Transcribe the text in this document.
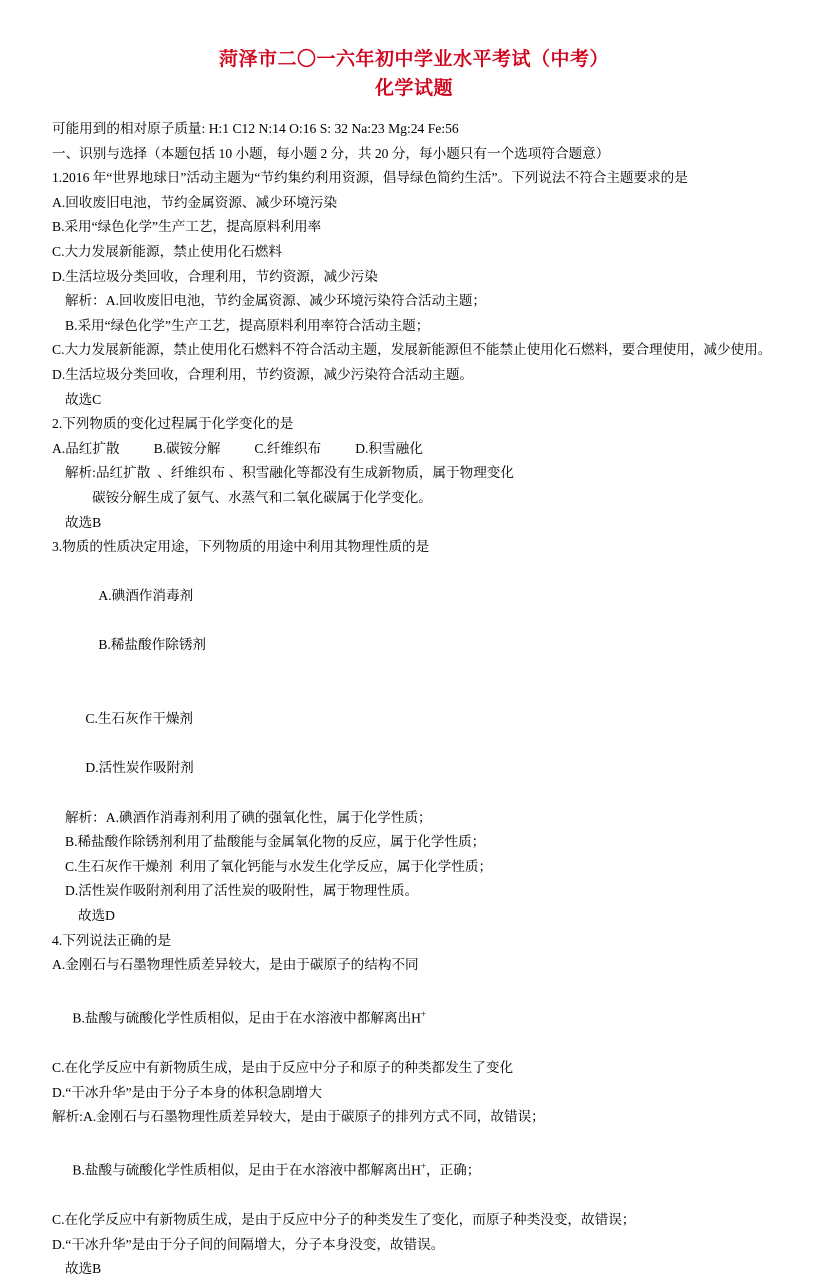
菏泽市二〇一六年初中学业水平考试（中考）
化学试题
可能用到的相对原子质量: H:1 C12 N:14 O:16 S: 32 Na:23 Mg:24 Fe:56
一、识别与选择（本题包括 10 小题，每小题 2 分，共 20 分，每小题只有一个选项符合题意）
1.2016 年“世界地球日”活动主题为“节约集约利用资源，倡导绿色简约生活”。下列说法不符合主题要求的是
A.回收废旧电池，节约金属资源、减少环境污染
B.采用“绿色化学”生产工艺，提高原料利用率
C.大力发展新能源，禁止使用化石燃料
D.生活垃圾分类回收，合理利用，节约资源，减少污染
解析：A.回收废旧电池，节约金属资源、减少环境污染符合活动主题；
B.采用“绿色化学”生产工艺，提高原料利用率符合活动主题；
C.大力发展新能源，禁止使用化石燃料不符合活动主题，发展新能源但不能禁止使用化石燃料，要合理使用，减少使用。
D.生活垃圾分类回收，合理利用，节约资源，减少污染符合活动主题。
故选C
2.下列物质的变化过程属于化学变化的是
A.品红扩散          B.碳铵分解          C.纤维织布          D.积雪融化
解析:品红扩散  、纤维织布 、积雪融化等都没有生成新物质，属于物理变化
碳铵分解生成了氨气、水蒸气和二氧化碳属于化学变化。
故选B
3.物质的性质决定用途，下列物质的用途中利用其物理性质的是

A.碘酒作消毒剂

B.稀盐酸作除锈剂

C.生石灰作干燥剂

D.活性炭作吸附剂

解析：A.碘酒作消毒剂利用了碘的强氧化性，属于化学性质；
B.稀盐酸作除锈剂利用了盐酸能与金属氧化物的反应，属于化学性质；
C.生石灰作干燥剂  利用了氧化钙能与水发生化学反应，属于化学性质；
D.活性炭作吸附剂利用了活性炭的吸附性，属于物理性质。
故选D
4.下列说法正确的是
A.金刚石与石墨物理性质差异较大，是由于碳原子的结构不同

B.盐酸与硫酸化学性质相似，足由于在水溶液中都解离出H+

C.在化学反应中有新物质生成，是由于反应中分子和原子的种类都发生了变化
D.“干冰升华”是由于分子本身的体积急剧增大
解析:A.金刚石与石墨物理性质差异较大，是由于碳原子的排列方式不同，故错误；

B.盐酸与硫酸化学性质相似，足由于在水溶液中都解离出H+，正确；

C.在化学反应中有新物质生成，是由于反应中分子的种类发生了变化，而原子种类没变，故错误；
D.“干冰升华”是由于分子间的间隔增大，分子本身没变，故错误。
故选B
